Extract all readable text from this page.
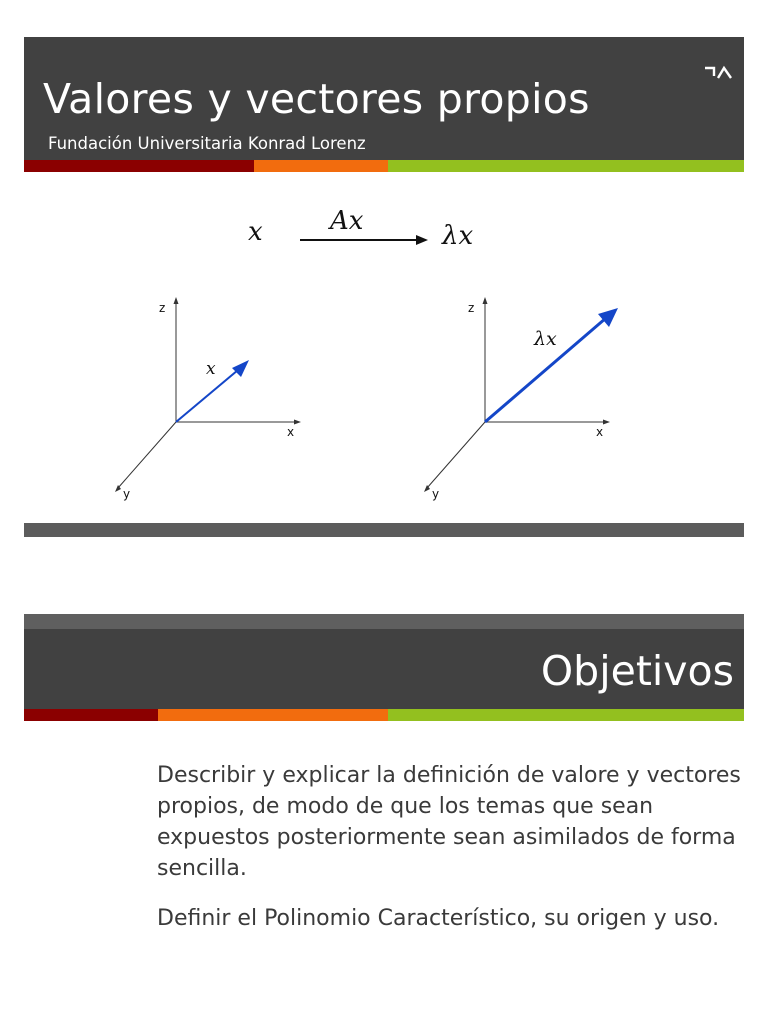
Valores y vectores propios
Fundación Universitaria Konrad Lorenz
x	Ax	λx
z
x
y
x
z
x
y
λx
Objetivos

Describir y explicar la definición de valore y vectores propios, de modo de que los temas que sean expuestos posteriormente sean asimilados de forma sencilla.

Definir el Polinomio Característico, su origen y uso.
